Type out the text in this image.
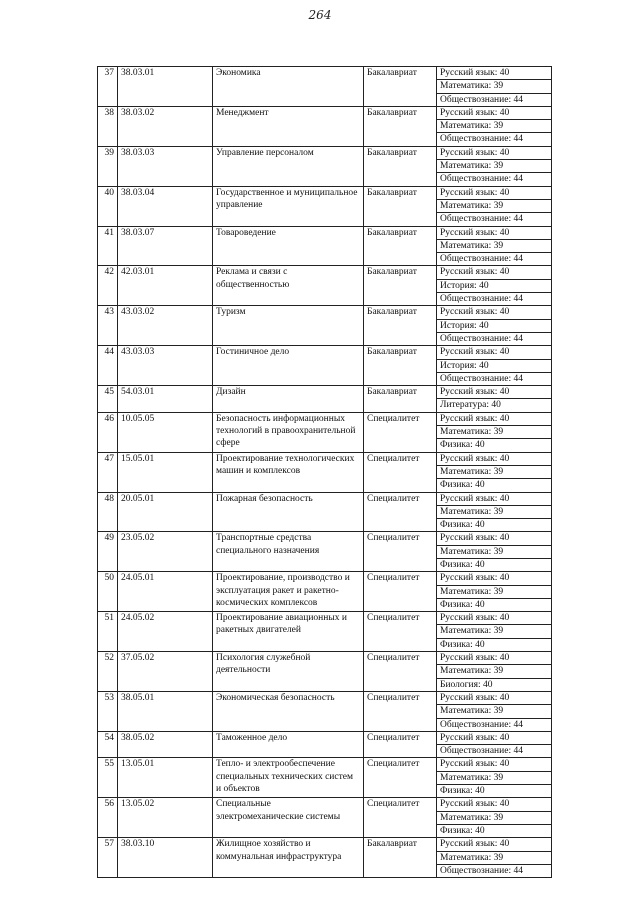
264
37	38.03.01	Экономика	Бакалавриат	Русский язык: 40
				Математика: 39
				Обществознание: 44
38	38.03.02	Менеджмент	Бакалавриат	Русский язык: 40
				Математика: 39
				Обществознание: 44
39	38.03.03	Управление персоналом	Бакалавриат	Русский язык: 40
				Математика: 39
				Обществознание: 44
40	38.03.04	Государственное и муниципальное управление	Бакалавриат	Русский язык: 40
				Математика: 39
				Обществознание: 44
41	38.03.07	Товароведение	Бакалавриат	Русский язык: 40
				Математика: 39
				Обществознание: 44
42	42.03.01	Реклама и связи с общественностью	Бакалавриат	Русский язык: 40
				История: 40
				Обществознание: 44
43	43.03.02	Туризм	Бакалавриат	Русский язык: 40
				История: 40
				Обществознание: 44
44	43.03.03	Гостиничное дело	Бакалавриат	Русский язык: 40
				История: 40
				Обществознание: 44
45	54.03.01	Дизайн	Бакалавриат	Русский язык: 40
				Литература: 40
46	10.05.05	Безопасность информационных технологий в правоохранительной сфере	Специалитет	Русский язык: 40
				Математика: 39
				Физика: 40
47	15.05.01	Проектирование технологических машин и комплексов	Специалитет	Русский язык: 40
				Математика: 39
				Физика: 40
48	20.05.01	Пожарная безопасность	Специалитет	Русский язык: 40
				Математика: 39
				Физика: 40
49	23.05.02	Транспортные средства специального назначения	Специалитет	Русский язык: 40
				Математика: 39
				Физика: 40
50	24.05.01	Проектирование, производство и эксплуатация ракет и ракетно-космических комплексов	Специалитет	Русский язык: 40
				Математика: 39
				Физика: 40
51	24.05.02	Проектирование авиационных и ракетных двигателей	Специалитет	Русский язык: 40
				Математика: 39
				Физика: 40
52	37.05.02	Психология служебной деятельности	Специалитет	Русский язык: 40
				Математика: 39
				Биология: 40
53	38.05.01	Экономическая безопасность	Специалитет	Русский язык: 40
				Математика: 39
				Обществознание: 44
54	38.05.02	Таможенное дело	Специалитет	Русский язык: 40
				Обществознание: 44
55	13.05.01	Тепло- и электрообеспечение специальных технических систем и объектов	Специалитет	Русский язык: 40
				Математика: 39
				Физика: 40
56	13.05.02	Специальные электромеханические системы	Специалитет	Русский язык: 40
				Математика: 39
				Физика: 40
57	38.03.10	Жилищное хозяйство и коммунальная инфраструктура	Бакалавриат	Русский язык: 40
				Математика: 39
				Обществознание: 44
